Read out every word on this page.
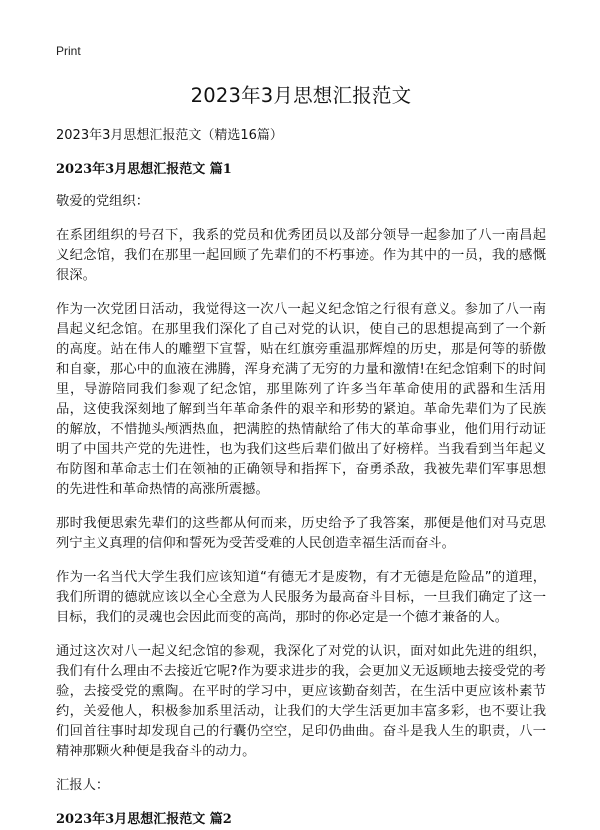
Print

2023年3月思想汇报范文

2023年3月思想汇报范文（精选16篇）

2023年3月思想汇报范文 篇1

敬爱的党组织：

在系团组织的号召下，我系的党员和优秀团员以及部分领导一起参加了八一南昌起义纪念馆，我们在那里一起回顾了先辈们的不朽事迹。作为其中的一员，我的感慨很深。

作为一次党团日活动，我觉得这一次八一起义纪念馆之行很有意义。参加了八一南昌起义纪念馆。在那里我们深化了自己对党的认识，使自己的思想提高到了一个新的高度。站在伟人的雕塑下宣誓，贴在红旗旁重温那辉煌的历史，那是何等的骄傲和自豪，那心中的血液在沸腾，浑身充满了无穷的力量和激情!在纪念馆剩下的时间里，导游陪同我们参观了纪念馆，那里陈列了许多当年革命使用的武器和生活用品，这使我深刻地了解到当年革命条件的艰辛和形势的紧迫。革命先辈们为了民族的解放，不惜抛头颅洒热血，把满腔的热情献给了伟大的革命事业，他们用行动证明了中国共产党的先进性，也为我们这些后辈们做出了好榜样。当我看到当年起义布防图和革命志士们在领袖的正确领导和指挥下，奋勇杀敌，我被先辈们军事思想的先进性和革命热情的高涨所震撼。

那时我便思索先辈们的这些都从何而来，历史给予了我答案，那便是他们对马克思列宁主义真理的信仰和誓死为受苦受难的人民创造幸福生活而奋斗。

作为一名当代大学生我们应该知道“有德无才是废物，有才无德是危险品”的道理，我们所谓的德就应该以全心全意为人民服务为最高奋斗目标，一旦我们确定了这一目标，我们的灵魂也会因此而变的高尚，那时的你必定是一个德才兼备的人。

通过这次对八一起义纪念馆的参观，我深化了对党的认识，面对如此先进的组织，我们有什么理由不去接近它呢?作为要求进步的我，会更加义无返顾地去接受党的考验，去接受党的熏陶。在平时的学习中，更应该勤奋刻苦，在生活中更应该朴素节约，关爱他人，积极参加系里活动，让我们的大学生活更加丰富多彩，也不要让我们回首往事时却发现自己的行囊仍空空，足印仍曲曲。奋斗是我人生的职责，八一精神那颗火种便是我奋斗的动力。

汇报人：

2023年3月思想汇报范文 篇2
